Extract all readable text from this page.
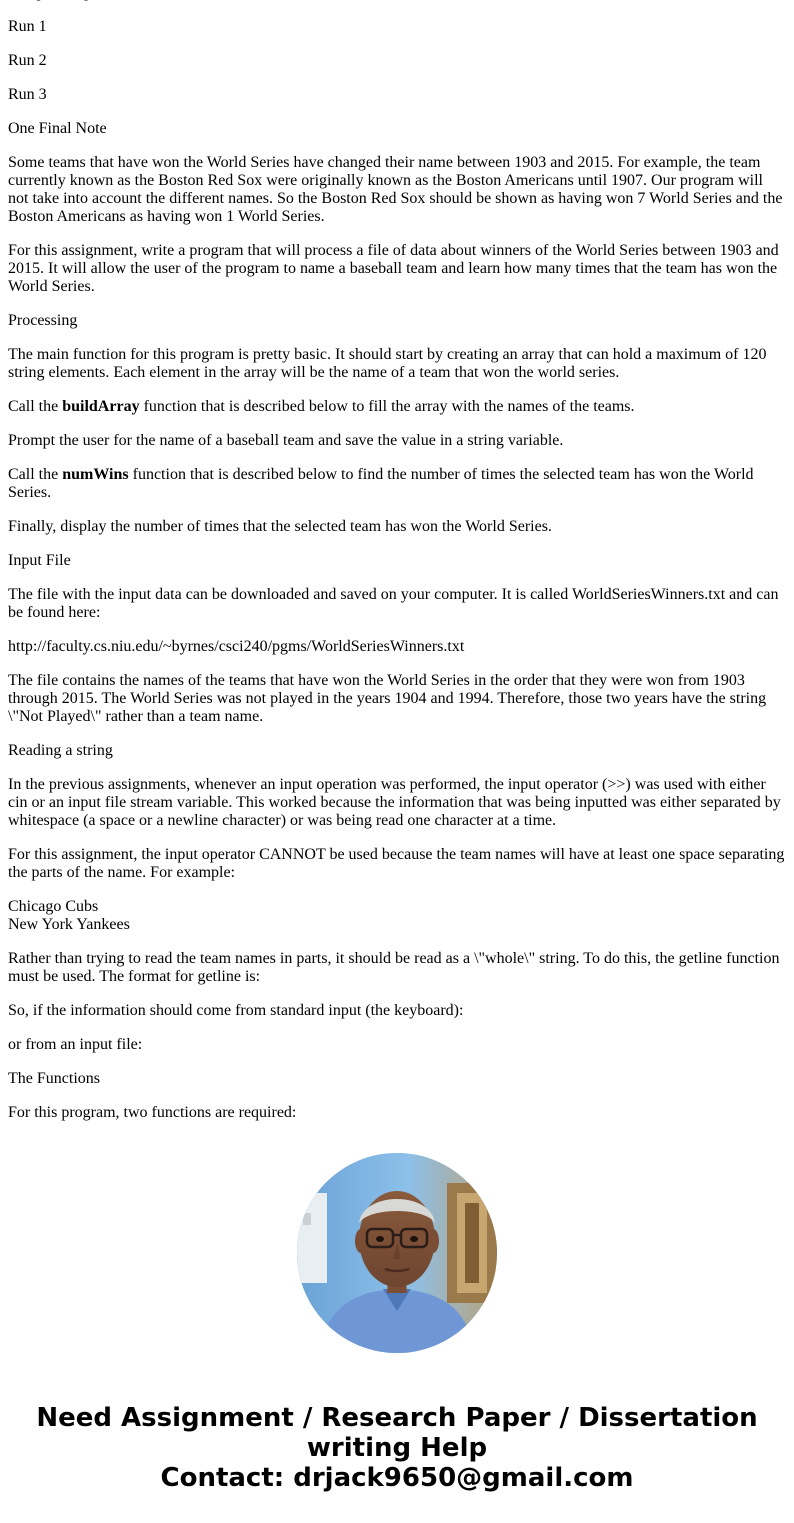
Run 1

Run 2

Run 3

One Final Note

Some teams that have won the World Series have changed their name between 1903 and 2015. For example, the team currently known as the Boston Red Sox were originally known as the Boston Americans until 1907. Our program will not take into account the different names. So the Boston Red Sox should be shown as having won 7 World Series and the Boston Americans as having won 1 World Series.

For this assignment, write a program that will process a file of data about winners of the World Series between 1903 and 2015. It will allow the user of the program to name a baseball team and learn how many times that the team has won the World Series.

Processing

The main function for this program is pretty basic. It should start by creating an array that can hold a maximum of 120 string elements. Each element in the array will be the name of a team that won the world series.

Call the buildArray function that is described below to fill the array with the names of the teams.

Prompt the user for the name of a baseball team and save the value in a string variable.

Call the numWins function that is described below to find the number of times the selected team has won the World Series.

Finally, display the number of times that the selected team has won the World Series.

Input File

The file with the input data can be downloaded and saved on your computer. It is called WorldSeriesWinners.txt and can be found here:

http://faculty.cs.niu.edu/~byrnes/csci240/pgms/WorldSeriesWinners.txt

The file contains the names of the teams that have won the World Series in the order that they were won from 1903 through 2015. The World Series was not played in the years 1904 and 1994. Therefore, those two years have the string \"Not Played\" rather than a team name.

Reading a string

In the previous assignments, whenever an input operation was performed, the input operator (>>) was used with either cin or an input file stream variable. This worked because the information that was being inputted was either separated by whitespace (a space or a newline character) or was being read one character at a time.

For this assignment, the input operator CANNOT be used because the team names will have at least one space separating the parts of the name. For example:

Chicago Cubs
New York Yankees

Rather than trying to read the team names in parts, it should be read as a \"whole\" string. To do this, the getline function must be used. The format for getline is:

So, if the information should come from standard input (the keyboard):

or from an input file:

The Functions

For this program, two functions are required:

Need Assignment / Research Paper / Dissertation
writing Help
Contact: drjack9650@gmail.com
